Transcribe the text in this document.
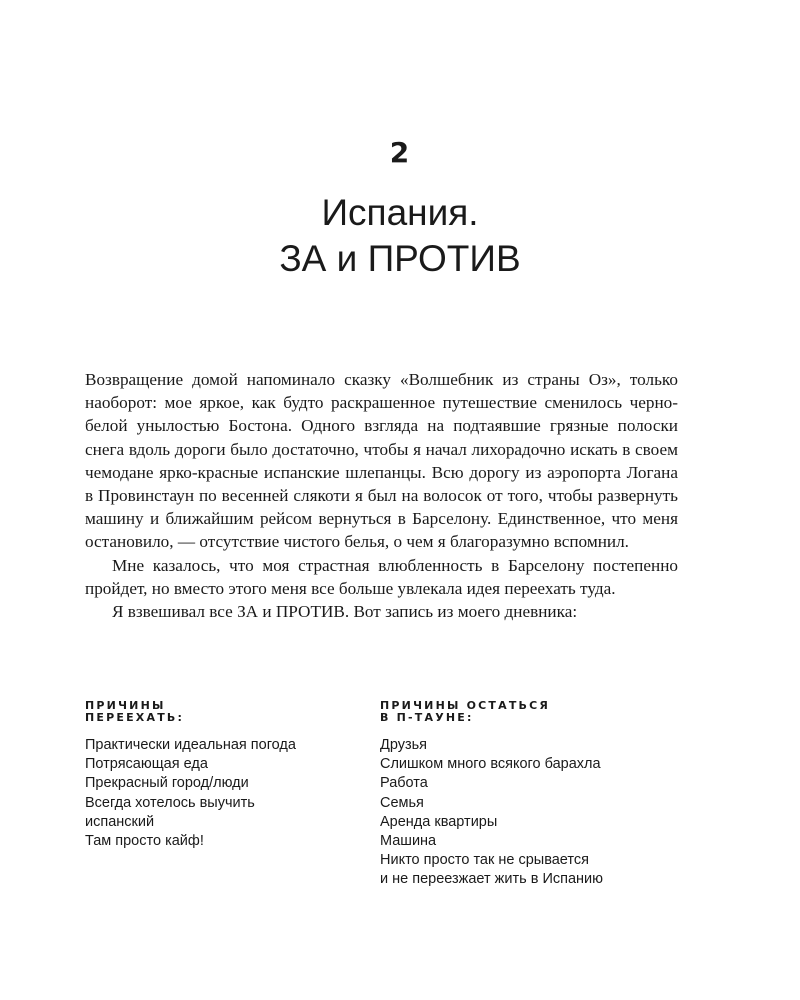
2
Испания.
ЗА и ПРОТИВ

Возвращение домой напоминало сказку «Волшебник из страны Оз», только наоборот: мое яркое, как будто раскрашенное путешествие сменилось черно-белой унылостью Бостона. Одного взгляда на подтаявшие грязные полоски снега вдоль дороги было достаточно, чтобы я начал лихорадочно искать в своем чемодане ярко-красные испанские шлепанцы. Всю дорогу из аэропорта Логана в Провинстаун по весенней слякоти я был на волосок от того, чтобы развернуть машину и ближайшим рейсом вернуться в Барселону. Единственное, что меня остановило, — отсутствие чистого белья, о чем я благоразумно вспомнил.

Мне казалось, что моя страстная влюбленность в Барселону постепенно пройдет, но вместо этого меня все больше увлекала идея переехать туда.

Я взвешивал все ЗА и ПРОТИВ. Вот запись из моего дневника:

ПРИЧИНЫ
ПЕРЕЕХАТЬ:
Практически идеальная погода
Потрясающая еда
Прекрасный город/люди
Всегда хотелось выучить
испанский
Там просто кайф!
ПРИЧИНЫ ОСТАТЬСЯ
В П-ТАУНЕ:
Друзья
Слишком много всякого барахла
Работа
Семья
Аренда квартиры
Машина
Никто просто так не срывается
и не переезжает жить в Испанию
